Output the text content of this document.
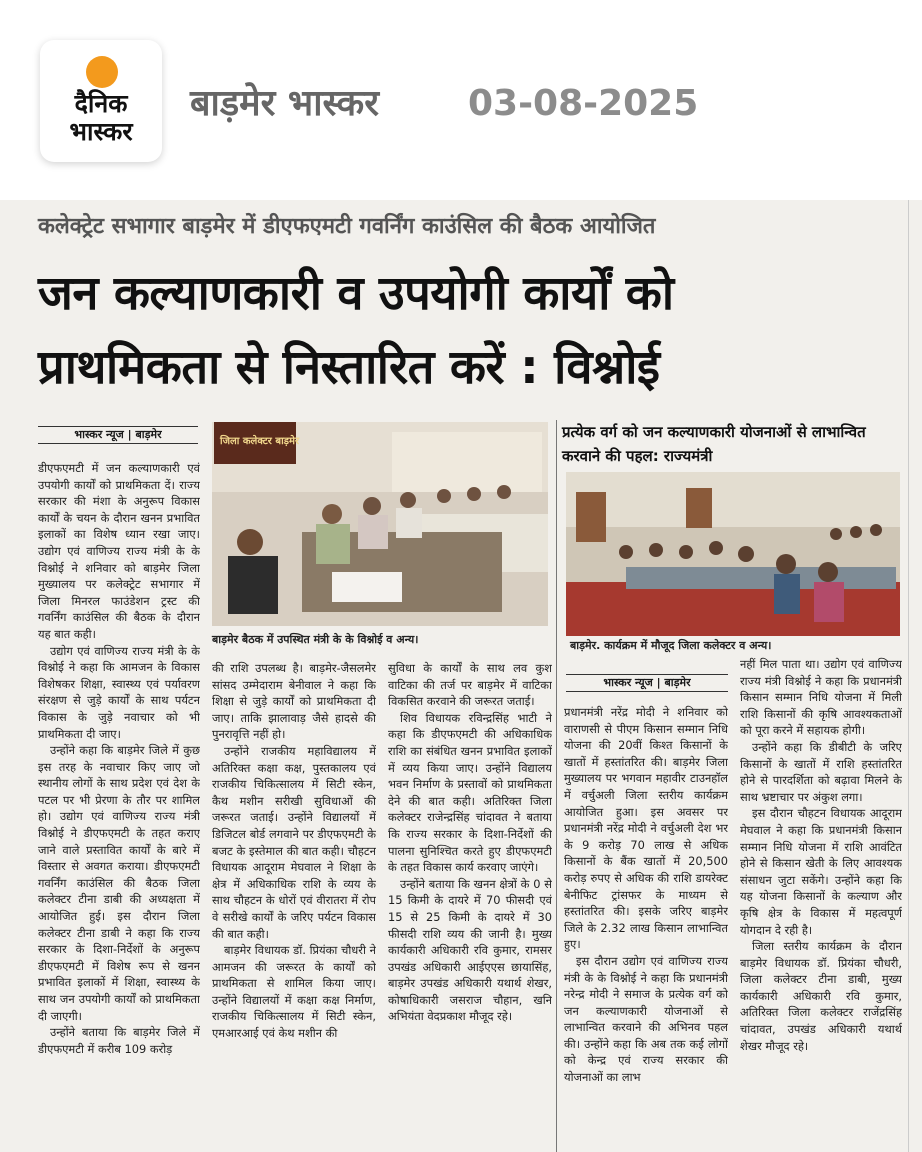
दैनिक
भास्कर
बाड़मेर भास्कर 03-08-2025
कलेक्ट्रेट सभागार बाड़मेर में डीएफएमटी गवर्निंग काउंसिल की बैठक आयोजित
जन कल्याणकारी व उपयोगी कार्यों को
प्राथमिकता से निस्तारित करें : विश्नोई
भास्कर न्यूज | बाड़मेर

डीएफएमटी में जन कल्याणकारी एवं उपयोगी कार्यों को प्राथमिकता दें। राज्य सरकार की मंशा के अनुरूप विकास कार्यों के चयन के दौरान खनन प्रभावित इलाकों का विशेष ध्यान रखा जाए। उद्योग एवं वाणिज्य राज्य मंत्री के के विश्नोई ने शनिवार को बाड़मेर जिला मुख्यालय पर कलेक्ट्रेट सभागार में जिला मिनरल फाउंडेशन ट्रस्ट की गवर्निंग काउंसिल की बैठक के दौरान यह बात कही।

उद्योग एवं वाणिज्य राज्य मंत्री के के विश्नोई ने कहा कि आमजन के विकास विशेषकर शिक्षा, स्वास्थ्य एवं पर्यावरण संरक्षण से जुड़े कार्यों के साथ पर्यटन विकास के जुड़े नवाचार को भी प्राथमिकता दी जाए।

उन्होंने कहा कि बाड़मेर जिले में कुछ इस तरह के नवाचार किए जाए जो स्थानीय लोगों के साथ प्रदेश एवं देश के पटल पर भी प्रेरणा के तौर पर शामिल हो। उद्योग एवं वाणिज्य राज्य मंत्री विश्नोई ने डीएफएमटी के तहत कराए जाने वाले प्रस्तावित कार्यों के बारे में विस्तार से अवगत कराया। डीएफएमटी गवर्निंग काउंसिल की बैठक जिला कलेक्टर टीना डाबी की अध्यक्षता में आयोजित हुई। इस दौरान जिला कलेक्टर टीना डाबी ने कहा कि राज्य सरकार के दिशा-निर्देशों के अनुरूप डीएफएमटी में विशेष रूप से खनन प्रभावित इलाकों में शिक्षा, स्वास्थ्य के साथ जन उपयोगी कार्यों को प्राथमिकता दी जाएगी।

उन्होंने बताया कि बाड़मेर जिले में डीएफएमटी में करीब 109 करोड़

जिला कलेक्टर बाड़मेर
बाड़मेर बैठक में उपस्थित मंत्री के के विश्नोई व अन्य।

की राशि उपलब्ध है। बाड़मेर-जैसलमेर सांसद उम्मेदाराम बेनीवाल ने कहा कि शिक्षा से जुड़े कार्यों को प्राथमिकता दी जाए। ताकि झालावाड़ जैसे हादसे की पुनरावृत्ति नहीं हो।

उन्होंने राजकीय महाविद्यालय में अतिरिक्त कक्षा कक्ष, पुस्तकालय एवं राजकीय चिकित्सालय में सिटी स्केन, कैथ मशीन सरीखी सुविधाओं की जरूरत जताई। उन्होंने विद्यालयों में डिजिटल बोर्ड लगवाने पर डीएफएमटी के बजट के इस्तेमाल की बात कही। चौहटन विधायक आदूराम मेघवाल ने शिक्षा के क्षेत्र में अधिकाधिक राशि के व्यय के साथ चौहटन के धोरों एवं वीरातरा में रोप वे सरीखे कार्यों के जरिए पर्यटन विकास की बात कही।

बाड़मेर विधायक डॉ. प्रियंका चौधरी ने आमजन की जरूरत के कार्यों को प्राथमिकता से शामिल किया जाए। उन्होंने विद्यालयों में कक्षा कक्ष निर्माण, राजकीय चिकित्सालय में सिटी स्केन, एमआरआई एवं केथ मशीन की

सुविधा के कार्यों के साथ लव कुश वाटिका की तर्ज पर बाड़मेर में वाटिका विकसित करवाने की जरूरत जताई।

शिव विधायक रविन्द्रसिंह भाटी ने कहा कि डीएफएमटी की अधिकाधिक राशि का संबंधित खनन प्रभावित इलाकों में व्यय किया जाए। उन्होंने विद्यालय भवन निर्माण के प्रस्तावों को प्राथमिकता देने की बात कही। अतिरिक्त जिला कलेक्टर राजेन्द्रसिंह चांदावत ने बताया कि राज्य सरकार के दिशा-निर्देशों की पालना सुनिश्चित करते हुए डीएफएमटी के तहत विकास कार्य करवाए जाएंगे।

उन्होंने बताया कि खनन क्षेत्रों के 0 से 15 किमी के दायरे में 70 फीसदी एवं 15 से 25 किमी के दायरे में 30 फीसदी राशि व्यय की जानी है। मुख्य कार्यकारी अधिकारी रवि कुमार, रामसर उपखंड अधिकारी आईएएस छायासिंह, बाड़मेर उपखंड अधिकारी यथार्थ शेखर, कोषाधिकारी जसराज चौहान, खनि अभियंता वेदप्रकाश मौजूद रहे।

प्रत्येक वर्ग को जन कल्याणकारी योजनाओं से लाभान्वित करवाने की पहल: राज्यमंत्री
बाड़मेर. कार्यक्रम में मौजूद जिला कलेक्टर व अन्य।
भास्कर न्यूज | बाड़मेर

प्रधानमंत्री नरेंद्र मोदी ने शनिवार को वाराणसी से पीएम किसान सम्मान निधि योजना की 20वीं किश्त किसानों के खातों में हस्तांतरित की। बाड़मेर जिला मुख्यालय पर भगवान महावीर टाउनहॉल में वर्चुअली जिला स्तरीय कार्यक्रम आयोजित हुआ। इस अवसर पर प्रधानमंत्री नरेंद्र मोदी ने वर्चुअली देश भर के 9 करोड़ 70 लाख से अधिक किसानों के बैंक खातों में 20,500 करोड़ रुपए से अधिक की राशि डायरेक्ट बेनीफिट ट्रांसफर के माध्यम से हस्तांतरित की। इसके जरिए बाड़मेर जिले के 2.32 लाख किसान लाभान्वित हुए।

इस दौरान उद्योग एवं वाणिज्य राज्य मंत्री के के विश्नोई ने कहा कि प्रधानमंत्री नरेन्द्र मोदी ने समाज के प्रत्येक वर्ग को जन कल्याणकारी योजनाओं से लाभान्वित करवाने की अभिनव पहल की। उन्होंने कहा कि अब तक कई लोगों को केन्द्र एवं राज्य सरकार की योजनाओं का लाभ

नहीं मिल पाता था। उद्योग एवं वाणिज्य राज्य मंत्री विश्नोई ने कहा कि प्रधानमंत्री किसान सम्मान निधि योजना में मिली राशि किसानों की कृषि आवश्यकताओं को पूरा करने में सहायक होगी।

उन्होंने कहा कि डीबीटी के जरिए किसानों के खातों में राशि हस्तांतरित होने से पारदर्शिता को बढ़ावा मिलने के साथ भ्रष्टाचार पर अंकुश लगा।

इस दौरान चौहटन विधायक आदूराम मेघवाल ने कहा कि प्रधानमंत्री किसान सम्मान निधि योजना में राशि आवंटित होने से किसान खेती के लिए आवश्यक संसाधन जुटा सकेंगे। उन्होंने कहा कि यह योजना किसानों के कल्याण और कृषि क्षेत्र के विकास में महत्वपूर्ण योगदान दे रही है।

जिला स्तरीय कार्यक्रम के दौरान बाड़मेर विधायक डॉ. प्रियंका चौधरी, जिला कलेक्टर टीना डाबी, मुख्य कार्यकारी अधिकारी रवि कुमार, अतिरिक्त जिला कलेक्टर राजेंद्रसिंह चांदावत, उपखंड अधिकारी यथार्थ शेखर मौजूद रहे।
